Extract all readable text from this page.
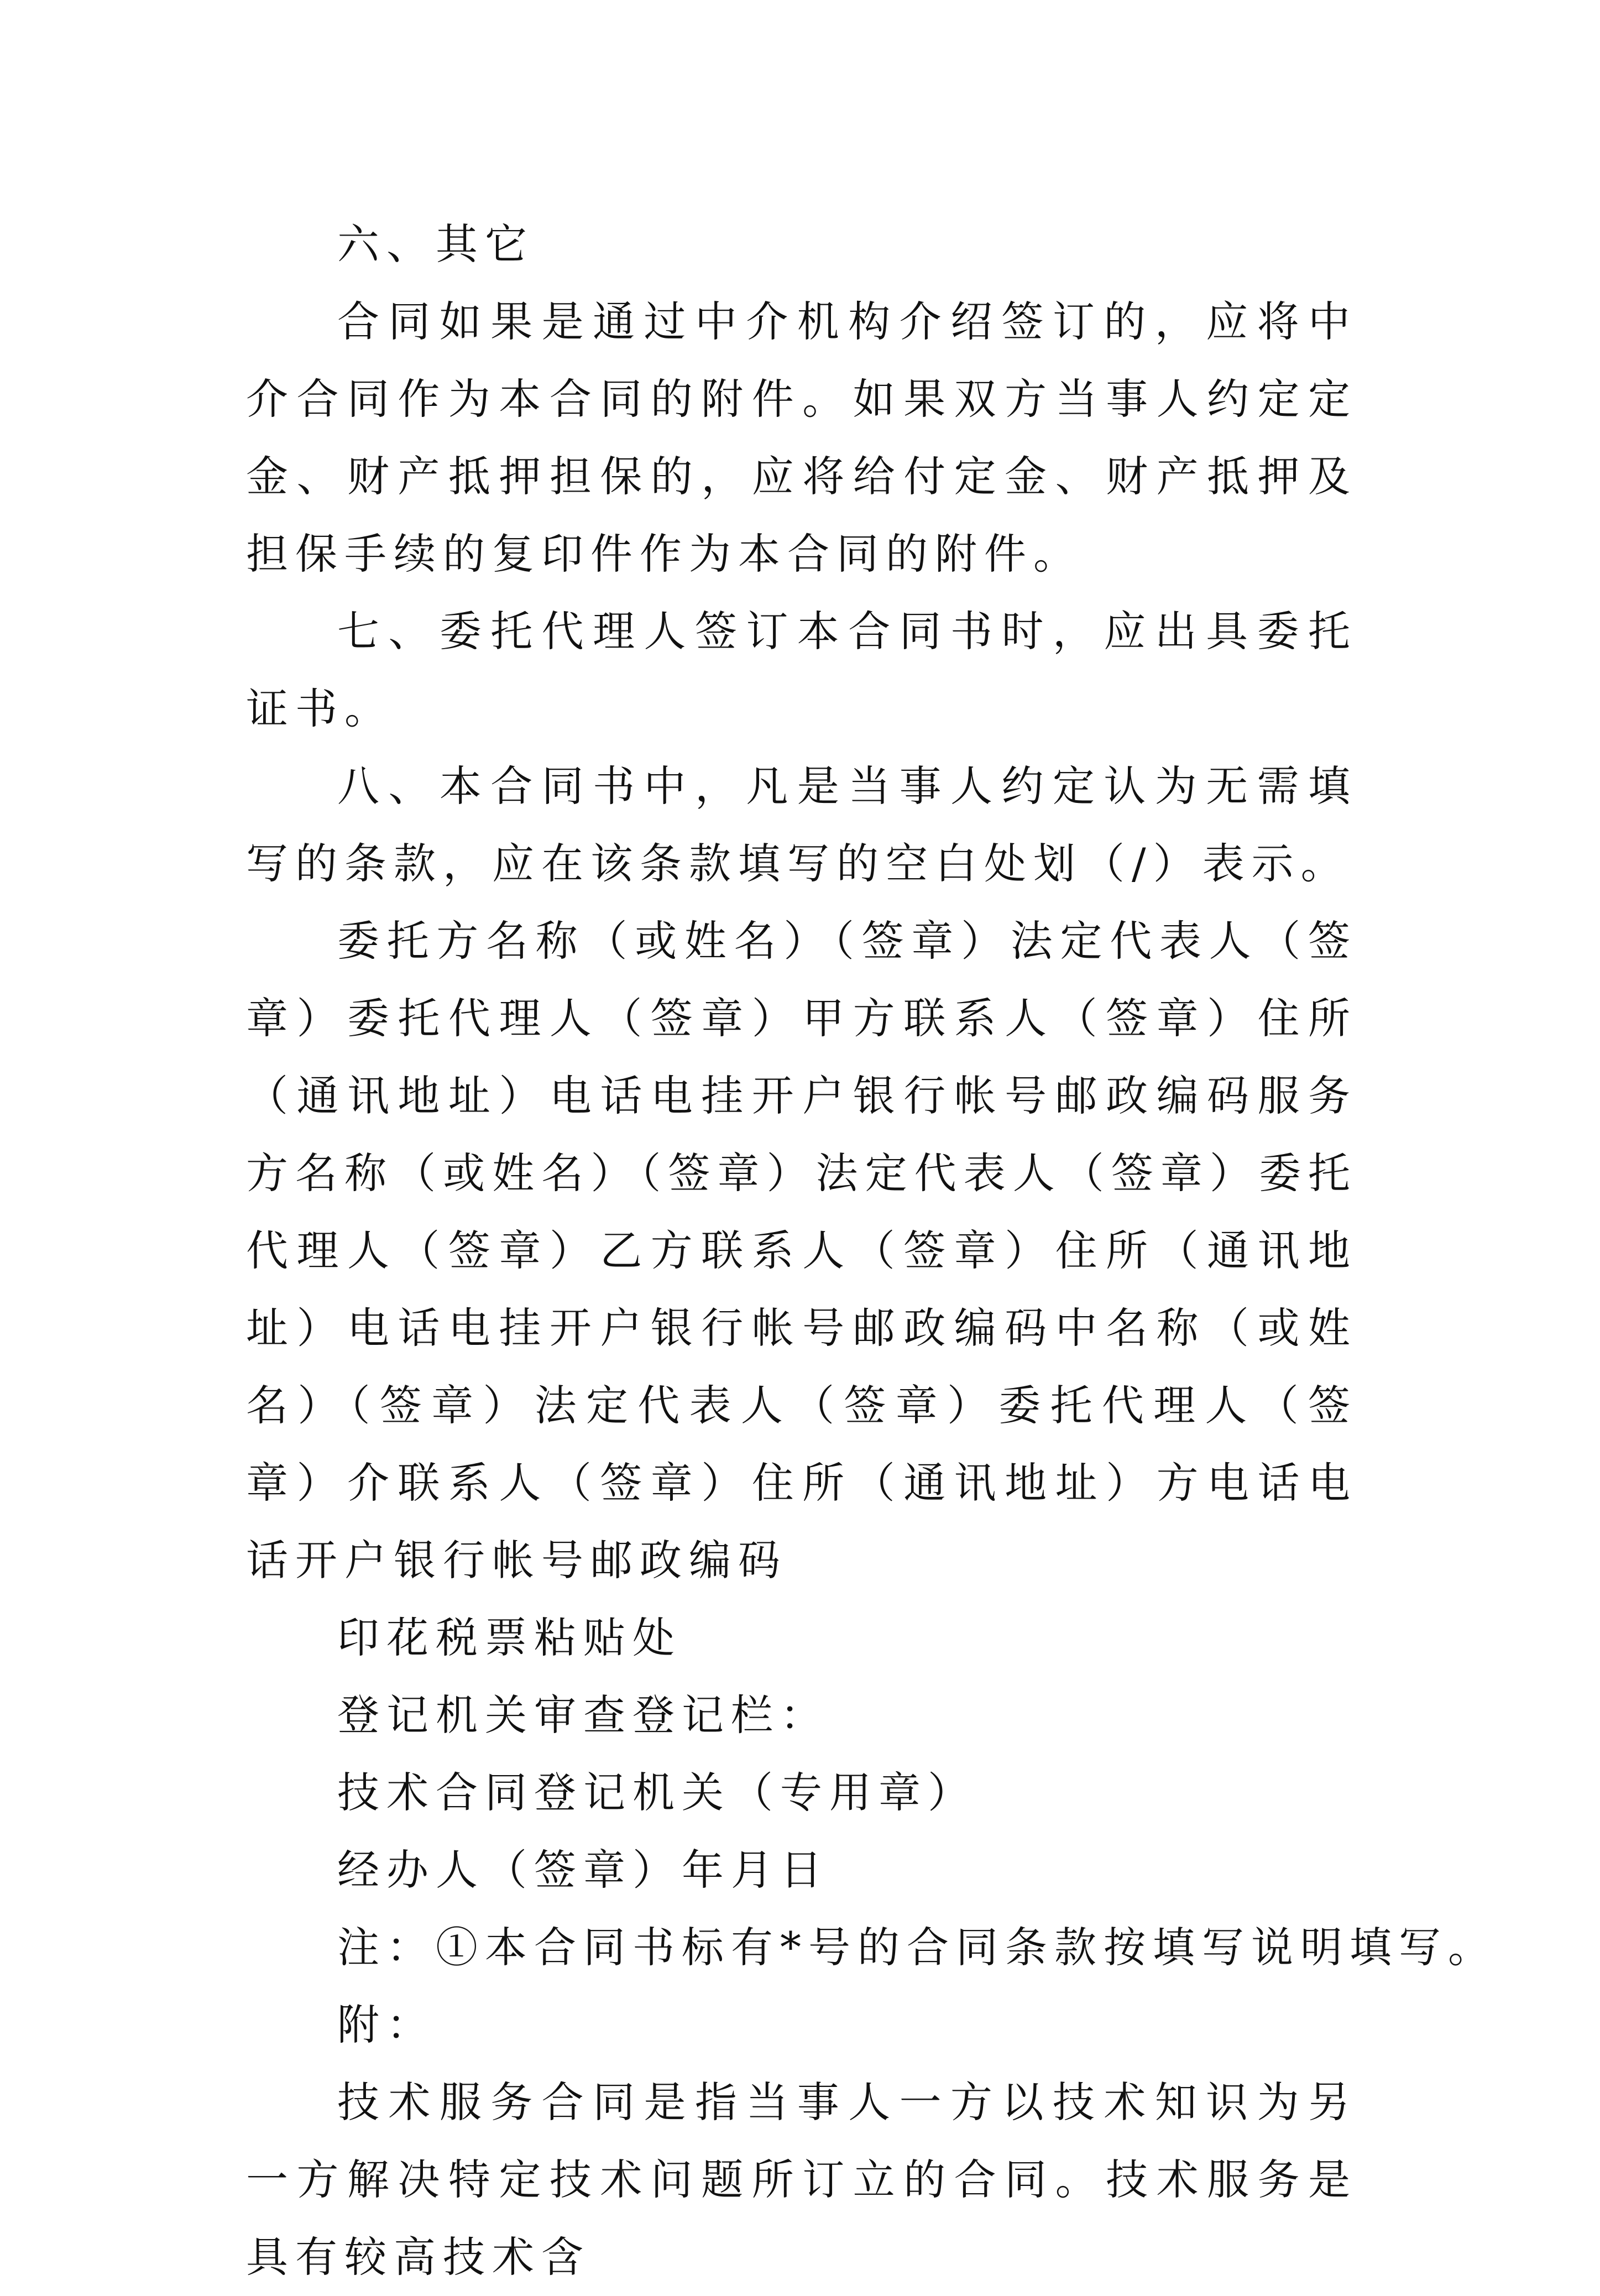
六、其它

合同如果是通过中介机构介绍签订的，应将中介合同作为本合同的附件。如果双方当事人约定定金、财产抵押担保的，应将给付定金、财产抵押及担保手续的复印件作为本合同的附件。

七、委托代理人签订本合同书时，应出具委托证书。

八、本合同书中，凡是当事人约定认为无需填写的条款，应在该条款填写的空白处划（/）表示。

委托方名称（或姓名）（签章）法定代表人（签章）委托代理人（签章）甲方联系人（签章）住所（通讯地址）电话电挂开户银行帐号邮政编码服务方名称（或姓名）（签章）法定代表人（签章）委托代理人（签章）乙方联系人（签章）住所（通讯地址）电话电挂开户银行帐号邮政编码中名称（或姓名）（签章）法定代表人（签章）委托代理人（签章）介联系人（签章）住所（通讯地址）方电话电话开户银行帐号邮政编码

印花税票粘贴处

登记机关审查登记栏：

技术合同登记机关（专用章）

经办人（签章）年月日

注：①本合同书标有*号的合同条款按填写说明填写。

附：

技术服务合同是指当事人一方以技术知识为另一方解决特定技术问题所订立的合同。技术服务是具有较高技术含
